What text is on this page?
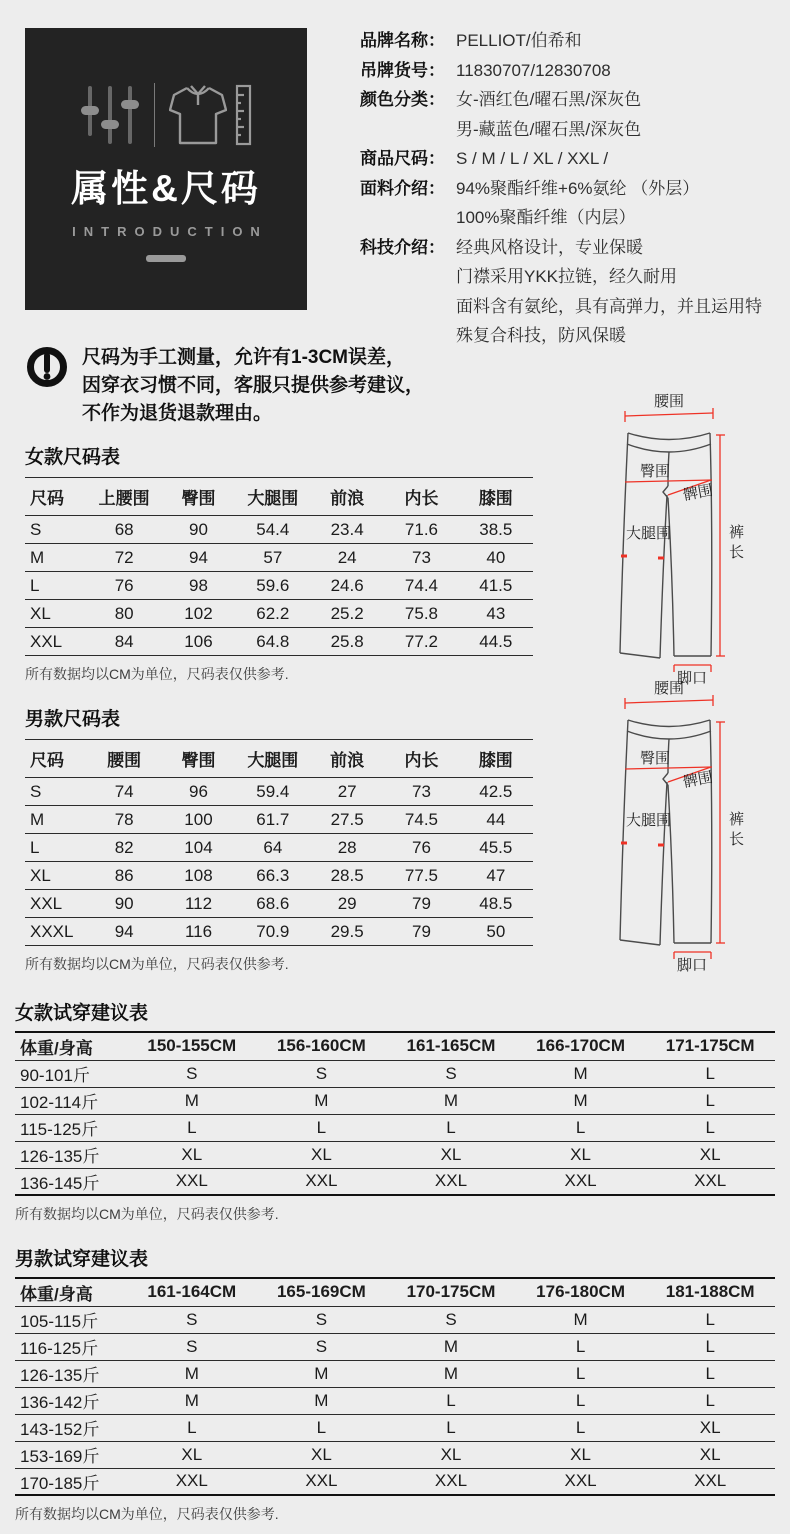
属性&尺码
INTRODUCTION
品牌名称： PELLIOT/伯希和
吊牌货号： 11830707/12830708
颜色分类： 女-酒红色/曜石黑/深灰色
男-藏蓝色/曜石黑/深灰色
商品尺码： S / M / L / XL / XXL /
面料介绍： 94%聚酯纤维+6%氨纶 （外层）
100%聚酯纤维（内层）
科技介绍： 经典风格设计，专业保暖
门襟采用YKK拉链，经久耐用
面料含有氨纶，具有高弹力，并且运用特
殊复合科技，防风保暖
尺码为手工测量，允许有1-3CM误差，
因穿衣习惯不同，客服只提供参考建议，
不作为退货退款理由。
女款尺码表
尺码	上腰围	臀围	大腿围	前浪	内长	膝围
S	68	90	54.4	23.4	71.6	38.5
M	72	94	57	24	73	40
L	76	98	59.6	24.6	74.4	41.5
XL	80	102	62.2	25.2	75.8	43
XXL	84	106	64.8	25.8	77.2	44.5
所有数据均以CM为单位，尺码表仅供参考.
男款尺码表
尺码	腰围	臀围	大腿围	前浪	内长	膝围
S	74	96	59.4	27	73	42.5
M	78	100	61.7	27.5	74.5	44
L	82	104	64	28	76	45.5
XL	86	108	66.3	28.5	77.5	47
XXL	90	112	68.6	29	79	48.5
XXXL	94	116	70.9	29.5	79	50
所有数据均以CM为单位，尺码表仅供参考.
女款试穿建议表
体重/身高	150-155CM	156-160CM	161-165CM	166-170CM	171-175CM
90-101斤	S	S	S	M	L
102-114斤	M	M	M	M	L
115-125斤	L	L	L	L	L
126-135斤	XL	XL	XL	XL	XL
136-145斤	XXL	XXL	XXL	XXL	XXL
所有数据均以CM为单位，尺码表仅供参考.
男款试穿建议表
体重/身高	161-164CM	165-169CM	170-175CM	176-180CM	181-188CM
105-115斤	S	S	S	M	L
116-125斤	S	S	M	L	L
126-135斤	M	M	M	L	L
136-142斤	M	M	L	L	L
143-152斤	L	L	L	L	XL
153-169斤	XL	XL	XL	XL	XL
170-185斤	XXL	XXL	XXL	XXL	XXL
所有数据均以CM为单位，尺码表仅供参考.
腰围
臀围
髀围
大腿围	裤
长
脚口
腰围
臀围
髀围
大腿围	裤
长
脚口
